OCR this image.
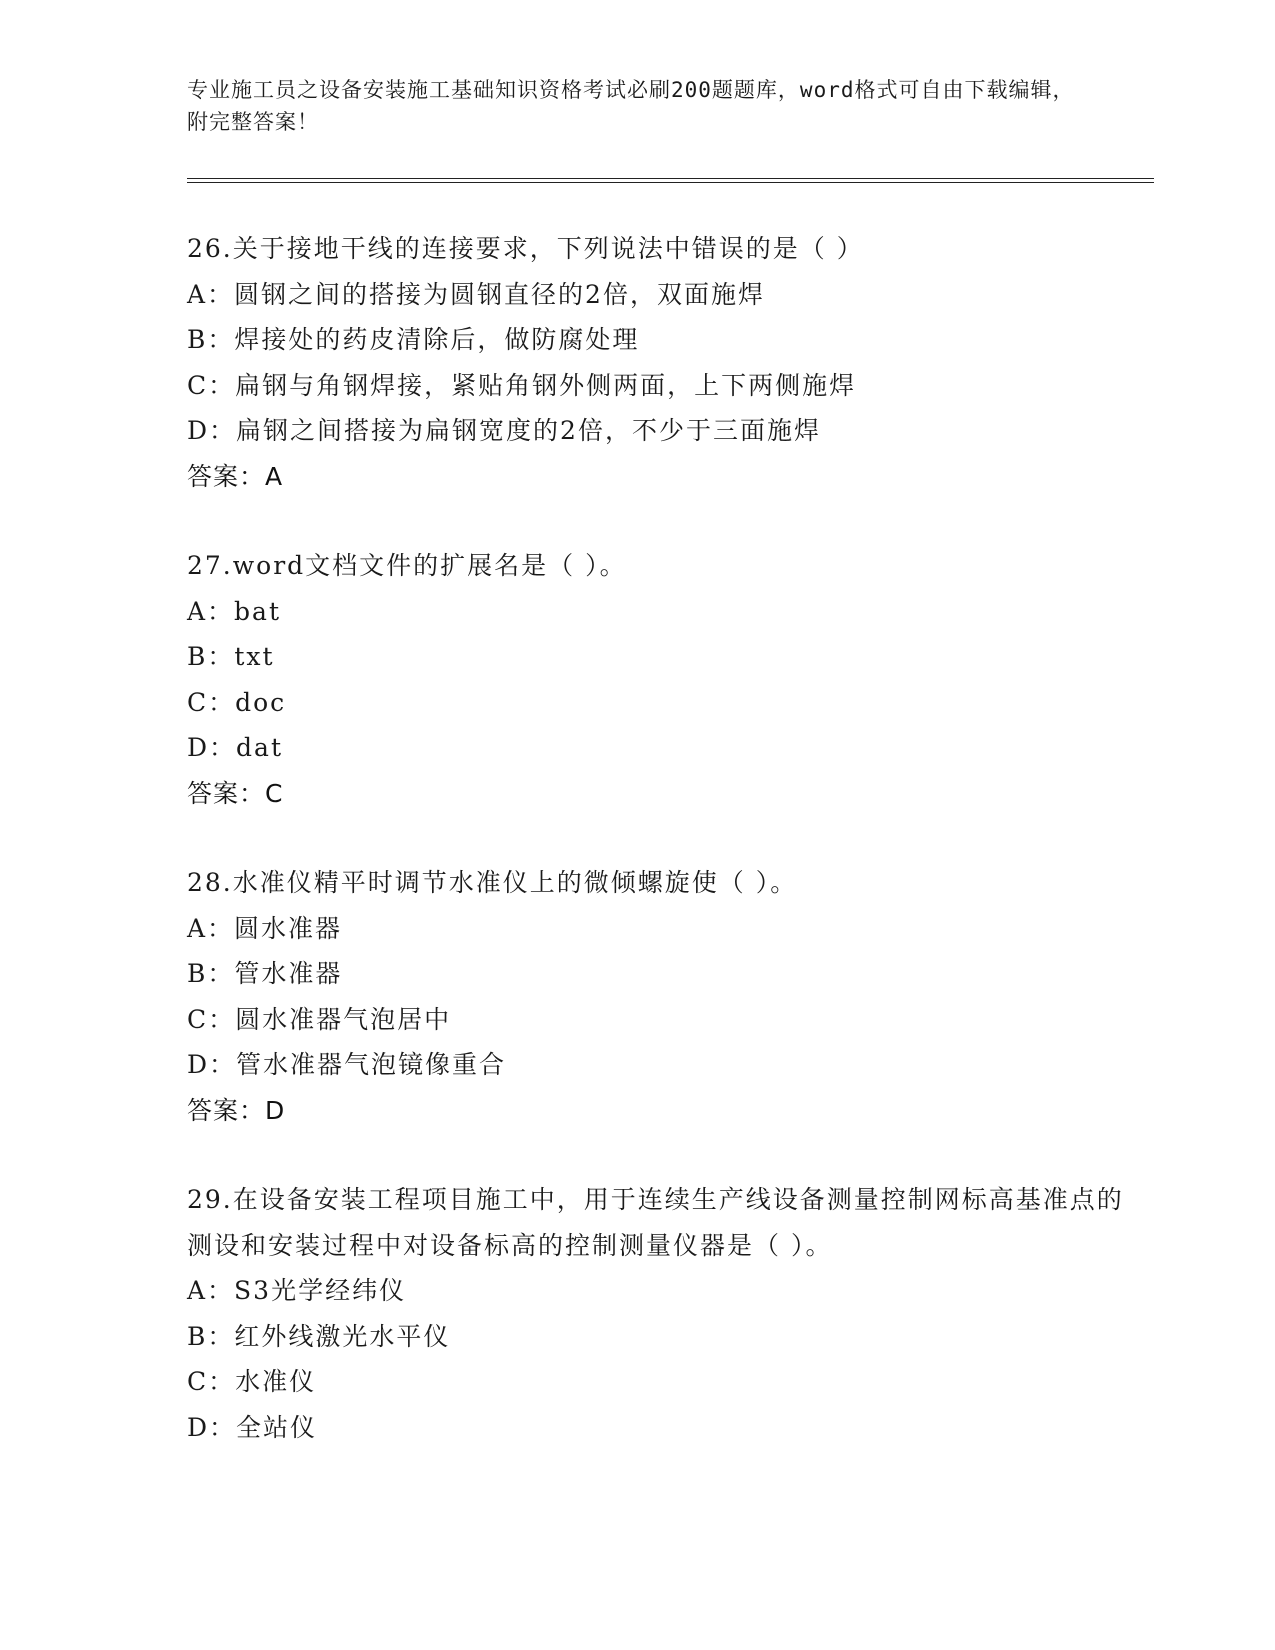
专业施工员之设备安装施工基础知识资格考试必刷200题题库，word格式可自由下载编辑，附完整答案！
26.关于接地干线的连接要求，下列说法中错误的是（ ）
A：圆钢之间的搭接为圆钢直径的2倍，双面施焊
B：焊接处的药皮清除后，做防腐处理
C：扁钢与角钢焊接，紧贴角钢外侧两面，上下两侧施焊
D：扁钢之间搭接为扁钢宽度的2倍，不少于三面施焊
答案：A
27.word文档文件的扩展名是（ ）。
A：bat
B：txt
C：doc
D：dat
答案：C
28.水准仪精平时调节水准仪上的微倾螺旋使（ ）。
A：圆水准器
B：管水准器
C：圆水准器气泡居中
D：管水准器气泡镜像重合
答案：D
29.在设备安装工程项目施工中，用于连续生产线设备测量控制网标高基准点的测设和安装过程中对设备标高的控制测量仪器是（ ）。
A：S3光学经纬仪
B：红外线激光水平仪
C：水准仪
D：全站仪
